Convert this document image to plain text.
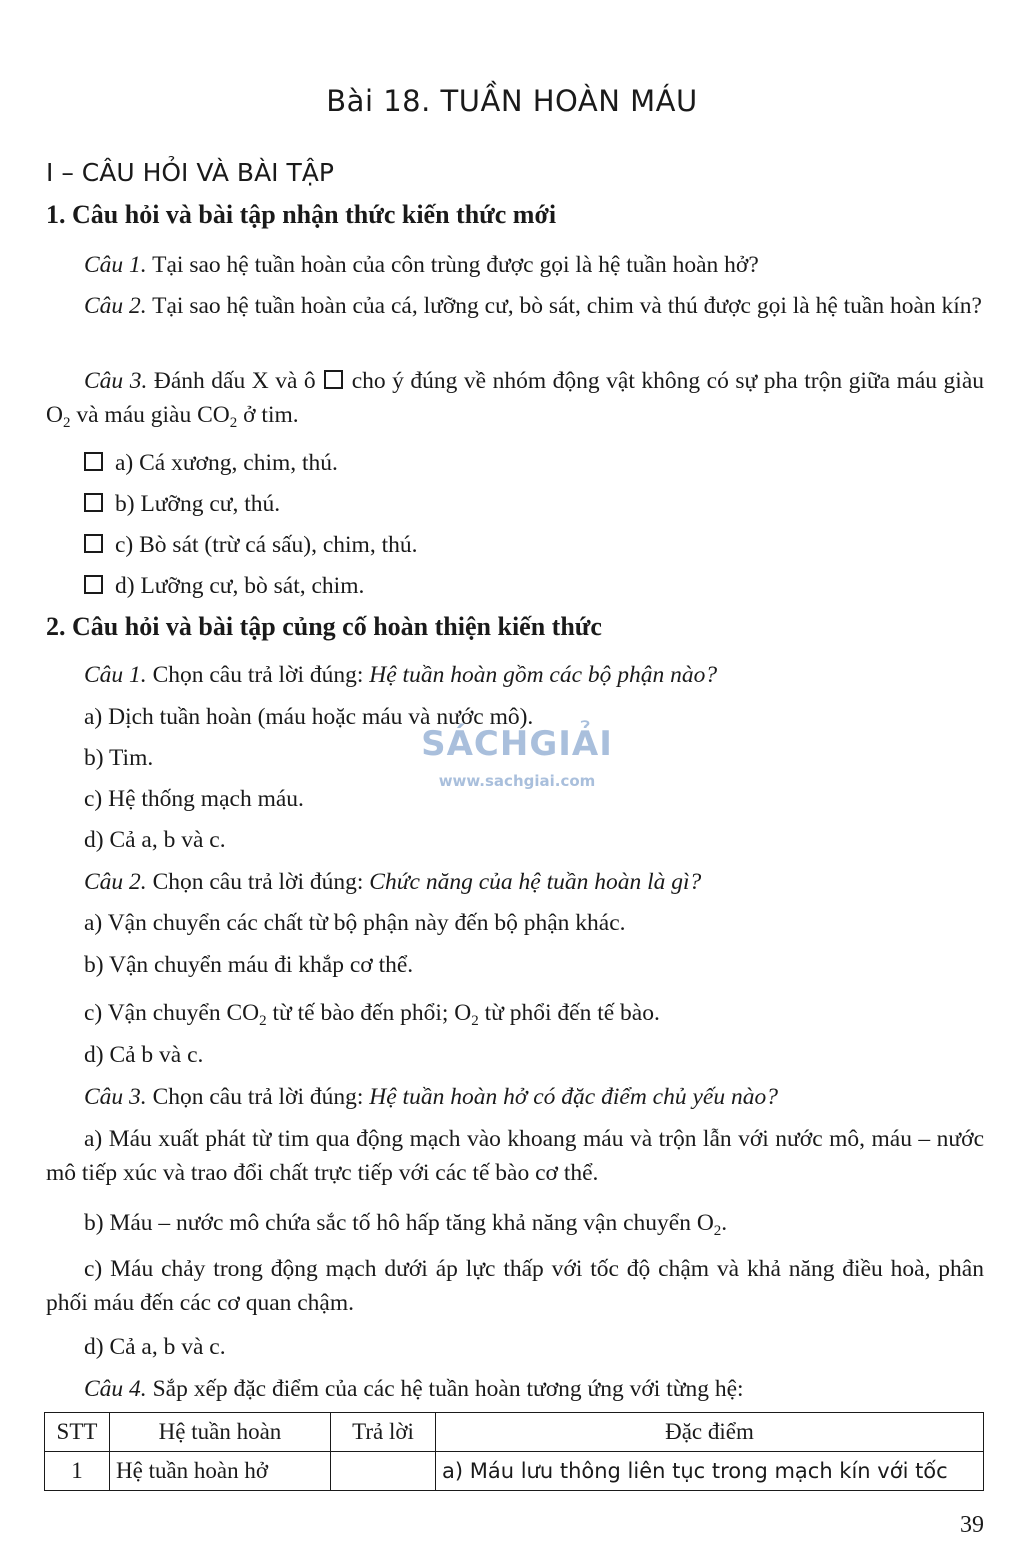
Bài 18. TUẦN HOÀN MÁU
I – CÂU HỎI VÀ BÀI TẬP
1. Câu hỏi và bài tập nhận thức kiến thức mới
Câu 1. Tại sao hệ tuần hoàn của côn trùng được gọi là hệ tuần hoàn hở?
Câu 2. Tại sao hệ tuần hoàn của cá, lưỡng cư, bò sát, chim và thú được gọi là hệ tuần hoàn kín?
Câu 3. Đánh dấu X và ô  cho ý đúng về nhóm động vật không có sự pha trộn giữa máu giàu $O_2$ và máu giàu $CO_2$ ở tim.
a) Cá xương, chim, thú.
b) Lưỡng cư, thú.
c) Bò sát (trừ cá sấu), chim, thú.
d) Lưỡng cư, bò sát, chim.
2. Câu hỏi và bài tập củng cố hoàn thiện kiến thức
Câu 1. Chọn câu trả lời đúng: Hệ tuần hoàn gồm các bộ phận nào?
a) Dịch tuần hoàn (máu hoặc máu và nước mô).
b) Tim.
c) Hệ thống mạch máu.
d) Cả a, b và c.
Câu 2. Chọn câu trả lời đúng: Chức năng của hệ tuần hoàn là gì?
a) Vận chuyển các chất từ bộ phận này đến bộ phận khác.
b) Vận chuyển máu đi khắp cơ thể.
c) Vận chuyển $CO_2$ từ tế bào đến phổi; $O_2$ từ phổi đến tế bào.
d) Cả b và c.
Câu 3. Chọn câu trả lời đúng: Hệ tuần hoàn hở có đặc điểm chủ yếu nào?
a) Máu xuất phát từ tim qua động mạch vào khoang máu và trộn lẫn với nước mô, máu – nước mô tiếp xúc và trao đổi chất trực tiếp với các tế bào cơ thể.
b) Máu – nước mô chứa sắc tố hô hấp tăng khả năng vận chuyển $O_2$.
c) Máu chảy trong động mạch dưới áp lực thấp với tốc độ chậm và khả năng điều hoà, phân phối máu đến các cơ quan chậm.
d) Cả a, b và c.
Câu 4. Sắp xếp đặc điểm của các hệ tuần hoàn tương ứng với từng hệ:
STT	Hệ tuần hoàn	Trả lời	Đặc điểm
1	Hệ tuần hoàn hở		a) Máu lưu thông liên tục trong mạch kín với tốc
SÁCHGIẢI
www.sachgiai.com
39
